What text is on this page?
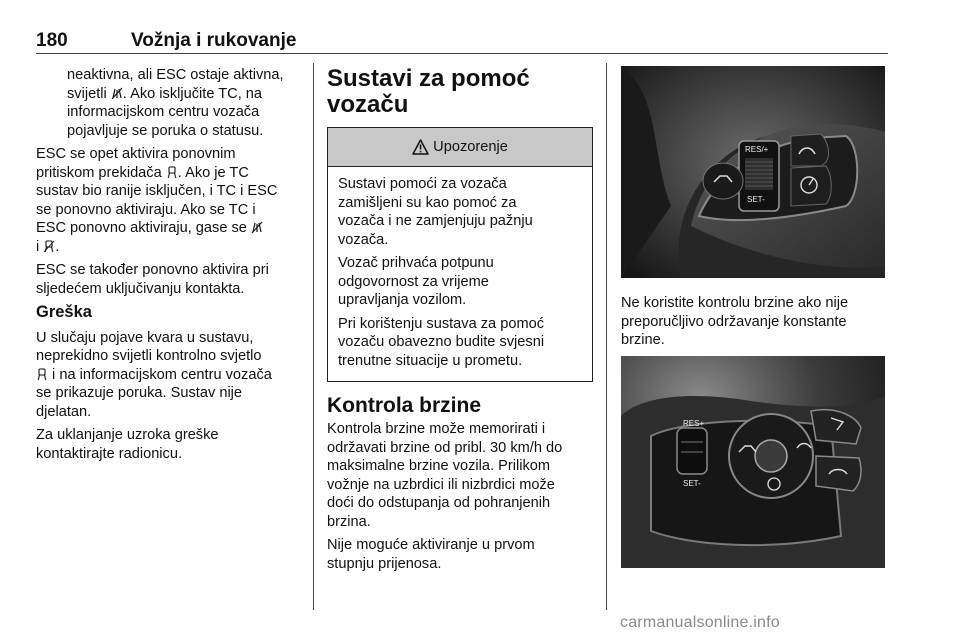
180	Vožnja i rukovanje

neaktivna, ali ESC ostaje aktivna,
svijetli . Ako isključite TC, na
informacijskom centru vozača
pojavljuje se poruka o statusu.

ESC se opet aktivira ponovnim
pritiskom prekidača . Ako je TC
sustav bio ranije isključen, i TC i ESC
se ponovno aktiviraju. Ako se TC i
ESC ponovno aktiviraju, gase se
i .

ESC se također ponovno aktivira pri
sljedećem uključivanju kontakta.

Greška

U slučaju pojave kvara u sustavu,
neprekidno svijetli kontrolno svjetlo
i na informacijskom centru vozača
se prikazuje poruka. Sustav nije
djelatan.

Za uklanjanje uzroka greške
kontaktirajte radionicu.

Sustavi za pomoć
vozaču
Upozorenje

Sustavi pomoći za vozača
zamišljeni su kao pomoć za
vozača i ne zamjenjuju pažnju
vozača.

Vozač prihvaća potpunu
odgovornost za vrijeme
upravljanja vozilom.

Pri korištenju sustava za pomoć
vozaču obavezno budite svjesni
trenutne situacije u prometu.

Kontrola brzine

Kontrola brzine može memorirati i
održavati brzine od pribl. 30 km/h do
maksimalne brzine vozila. Prilikom
vožnje na uzbrdici ili nizbrdici može
doći do odstupanja od pohranjenih
brzina.

Nije moguće aktiviranje u prvom
stupnju prijenosa.

RES/+
SET-

Ne koristite kontrolu brzine ako nije
preporučljivo održavanje konstante
brzine.

RES+
SET-
carmanualsonline.info
